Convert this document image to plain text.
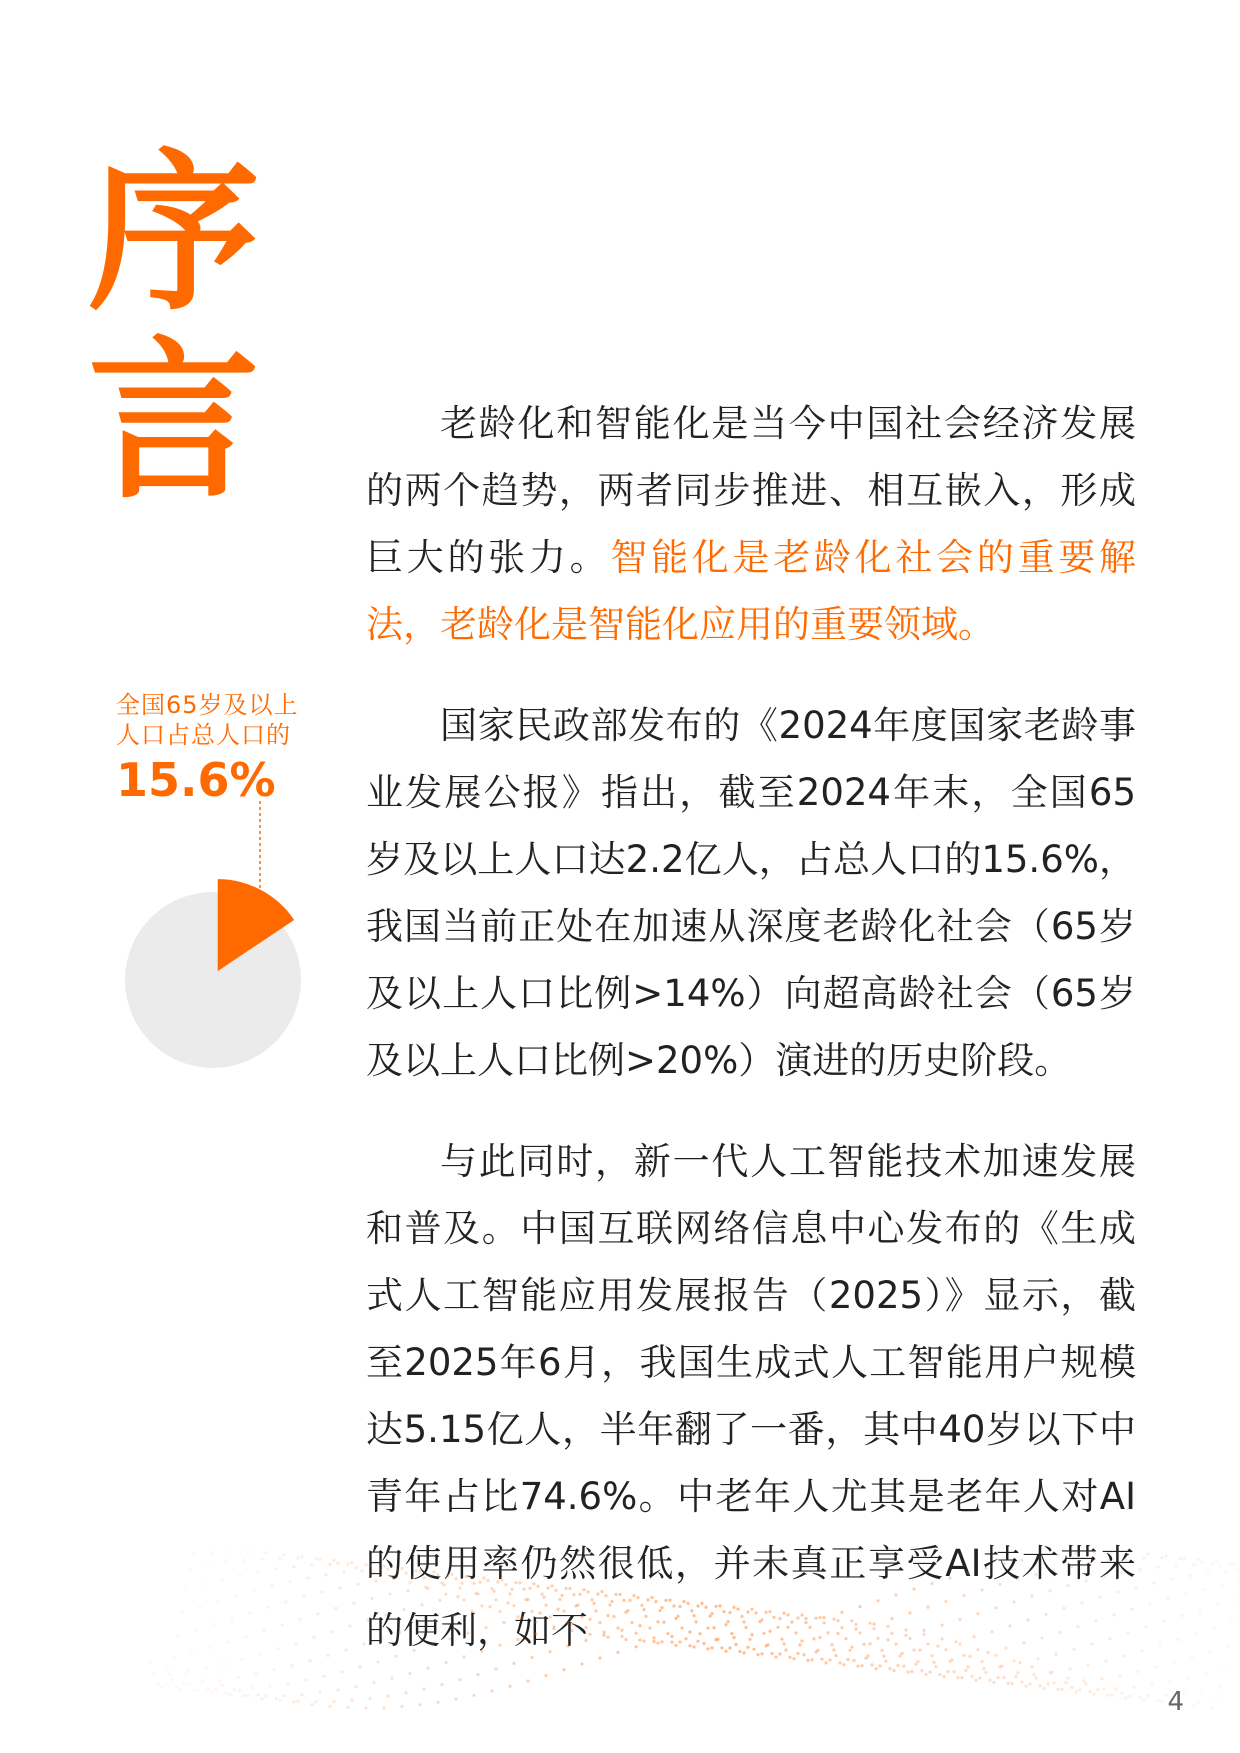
序
言
全国65岁及以上
人口占总人口的
15.6%

老龄化和智能化是当今中国社会经济发展的两个趋势，两者同步推进、相互嵌入，形成巨大的张力。智能化是老龄化社会的重要解法，老龄化是智能化应用的重要领域。

国家民政部发布的《2024年度国家老龄事业发展公报》指出，截至2024年末，全国65岁及以上人口达2.2亿人，占总人口的15.6%，我国当前正处在加速从深度老龄化社会（65岁及以上人口比例>14%）向超高龄社会（65岁及以上人口比例>20%）演进的历史阶段。

与此同时，新一代人工智能技术加速发展和普及。中国互联网络信息中心发布的《生成式人工智能应用发展报告（2025）》显示，截至2025年6月，我国生成式人工智能用户规模达5.15亿人，半年翻了一番，其中40岁以下中青年占比74.6%。中老年人尤其是老年人对AI的使用率仍然很低，并未真正享受AI技术带来的便利，如不

4
